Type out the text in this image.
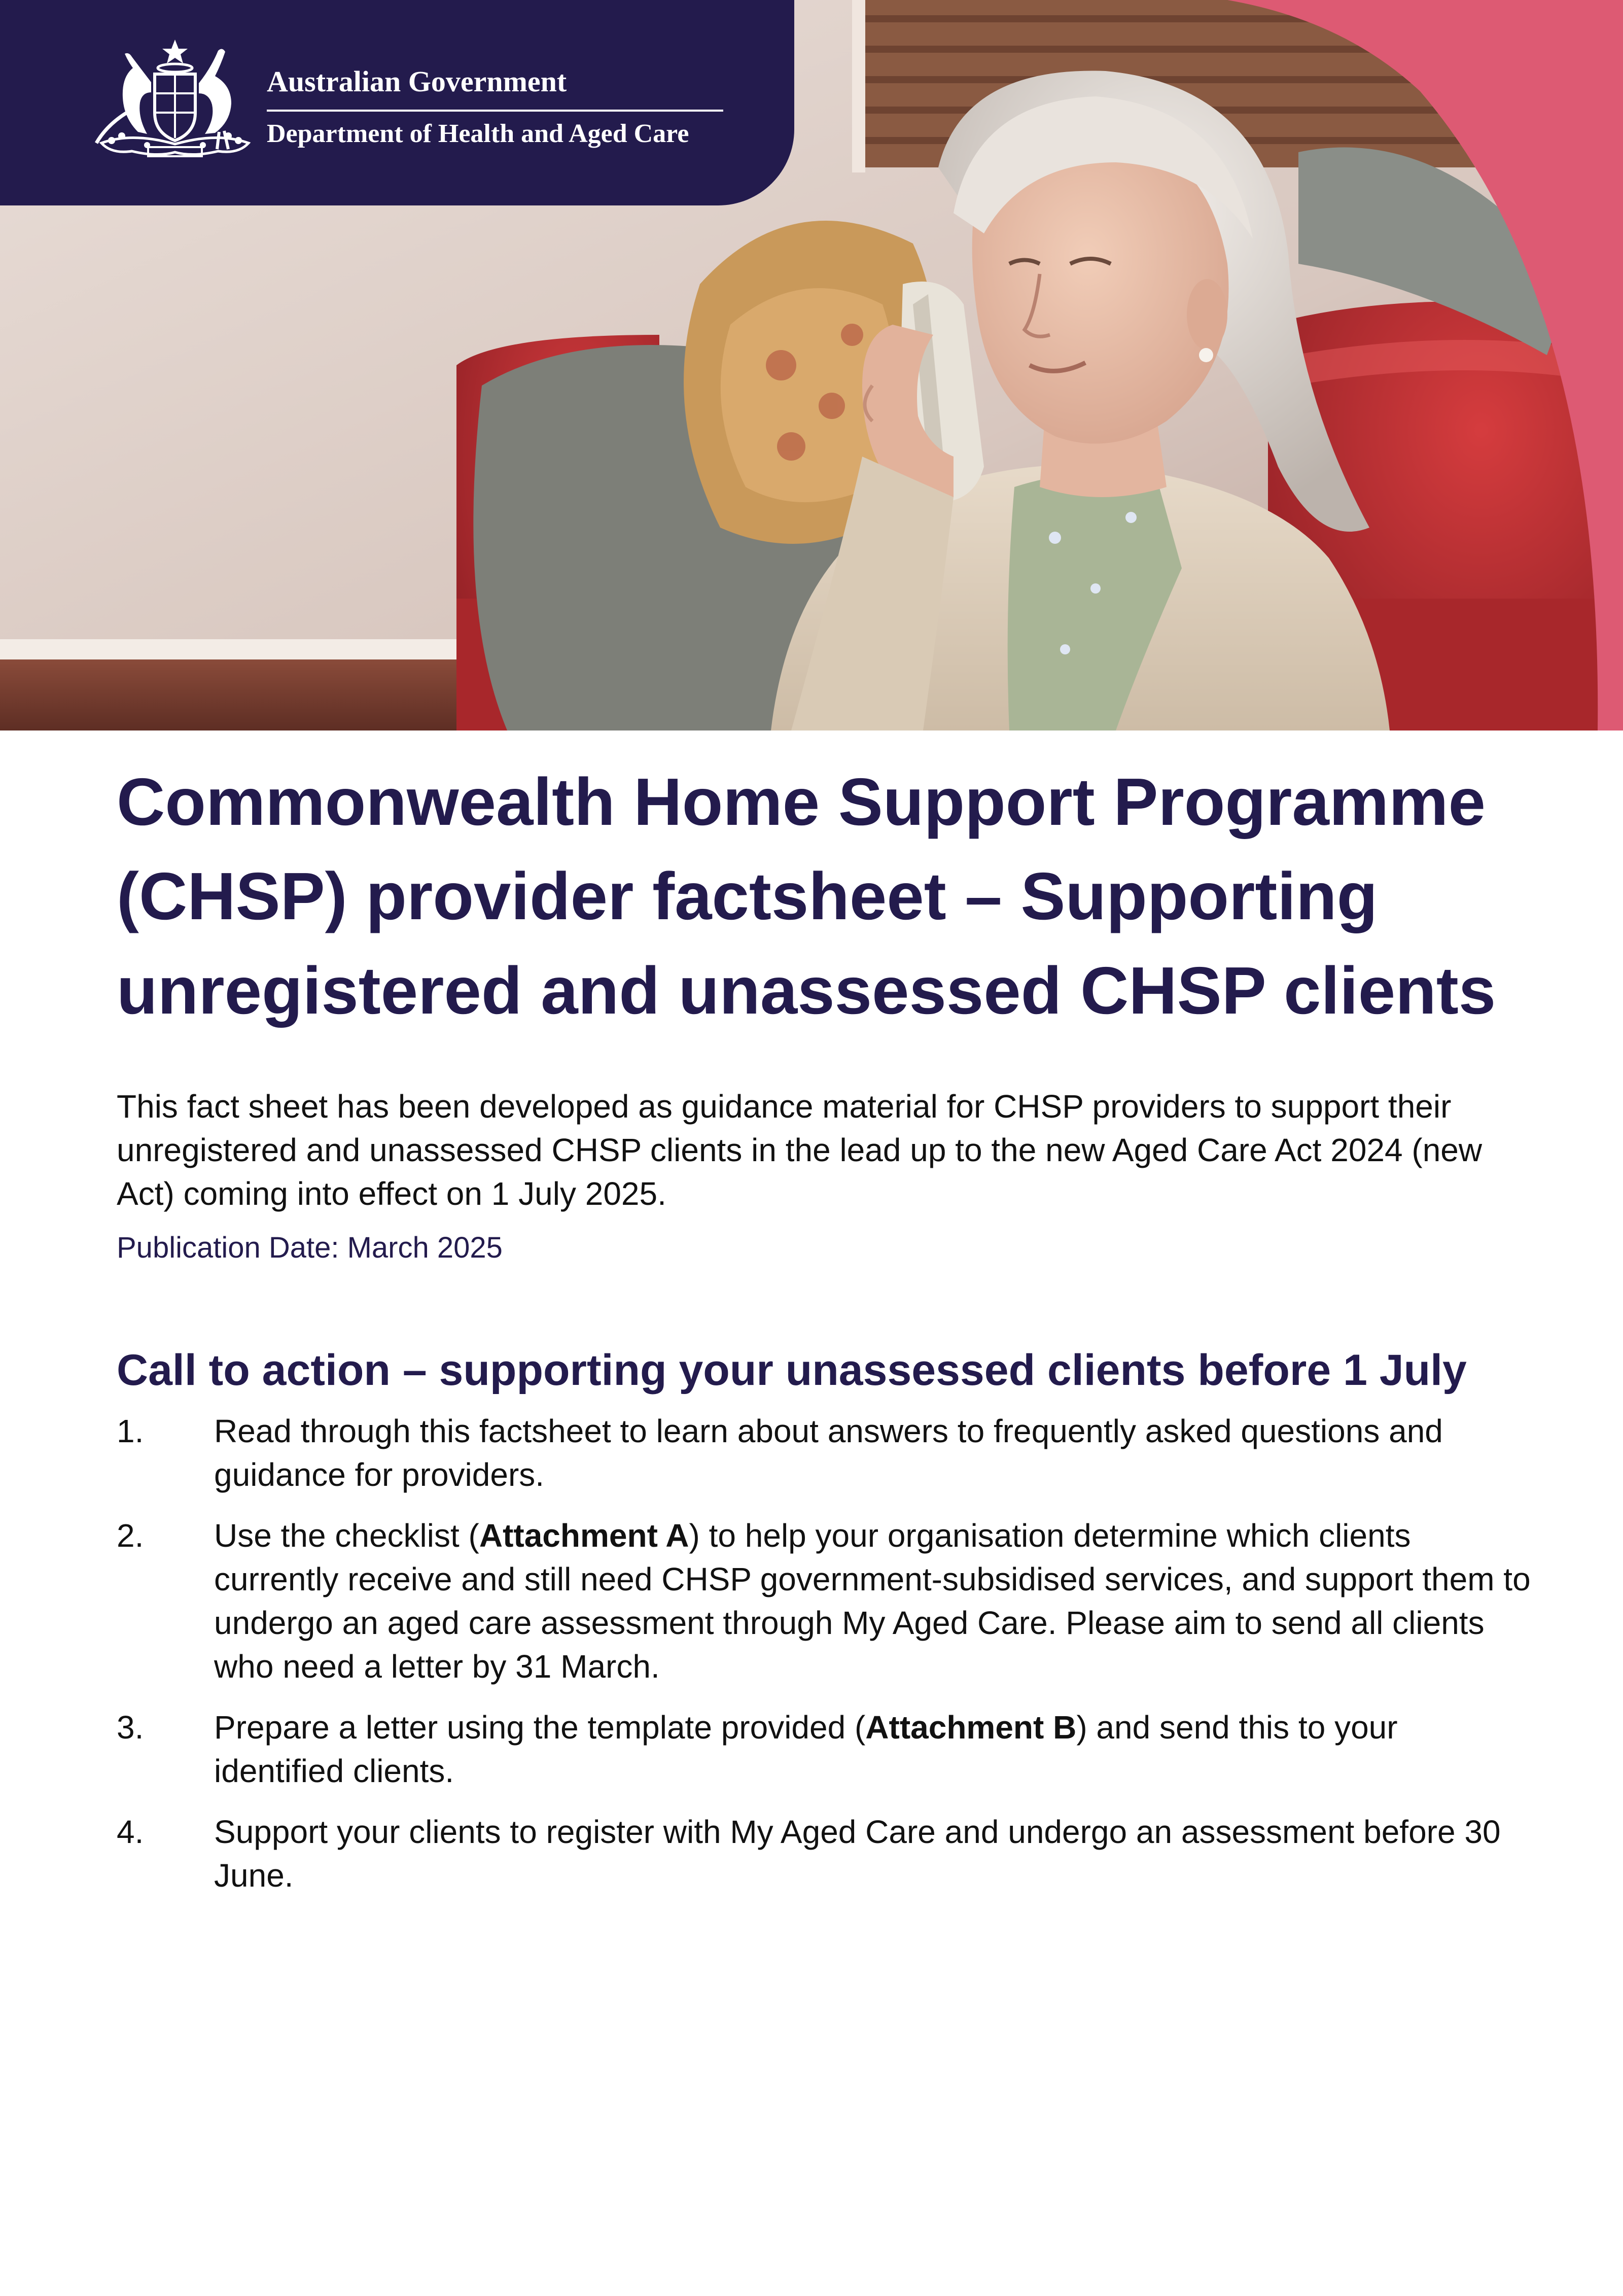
Australian Government
Department of Health and Aged Care
Commonwealth Home Support Programme (CHSP) provider factsheet – Supporting unregistered and unassessed CHSP clients

This fact sheet has been developed as guidance material for CHSP providers to support their unregistered and unassessed CHSP clients in the lead up to the new Aged Care Act 2024 (new Act) coming into effect on 1 July 2025.

Publication Date: March 2025

Call to action – supporting your unassessed clients before 1 July
1. Read through this factsheet to learn about answers to frequently asked questions and guidance for providers.
2. Use the checklist (Attachment A) to help your organisation determine which clients currently receive and still need CHSP government-subsidised services, and support them to undergo an aged care assessment through My Aged Care. Please aim to send all clients who need a letter by 31 March.
3. Prepare a letter using the template provided (Attachment B) and send this to your identified clients.
4. Support your clients to register with My Aged Care and undergo an assessment before 30 June.
